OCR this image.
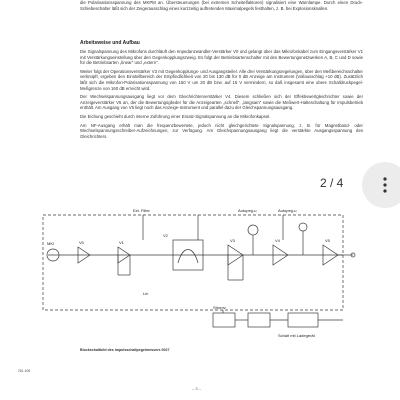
die Polarisationsspannung des MKPM an. Übersteuerungen (bei extremen Scheitelfaktoren) signalisiert eine Warnlampe. Durch einen Druck-Schiebeschalter läßt sich der Zeigerausschlag eines kurzzeitig auftretenden Maximalpegels festhalten, z. B. bei Explosionsknallen.

Arbeitsweise und Aufbau

Die Signalspannung des Mikrofons durchläuft den Impedanzwandler-Verstärker V0 und gelangt über das Mikrofonkabel zum Eingangsverstärker V1 mit Verstärkungseinstellung über den Gegenkopplungszweig. Es folgt der Betriebsartenschalter mit den Bewertungsnetzwerken A, B, C und D sowie für die Betriebsarten „linear“ und „extern“.

Weiter folgt der Operationsverstärker V3 mit Gegenkopplungs- und Ausgangsteiler. Alle drei Verstärkungsregelungen, über den Meßbereichsschalter verknüpft, ergeben den Einstellbereich der Empfindlichkeit von 20 bis 130 dB für 0 dB Anzeige am Instrument (Vollausschlag +10 dB). Zusätzlich läßt sich die Mikrofon-Polarisationsspannung von 150 V um 20 dB bzw. auf 15 V vermindern, so daß insgesamt eine obere Schalldruckpegel-Meßgrenze von 160 dB erreicht wird.

Der Wechselspannungsausgang liegt vor dem Gleichrichterverstärker V4. Diesem schließen sich der Effektivwertgleichrichter sowie der Anzeigeverstärker V5 an, der die Bewertungsglieder für die Anzeigearten „schnell“, „langsam“ sowie die Meßwert-Halteschaltung für Impulsbetrieb enthält. Am Ausgang von V5 liegt noch das Anzeige-Instrument und parallel dazu der Gleichspannungsausgang.

Die Eichung geschieht durch interne Zuführung einer Ersatz-Signalspannung an die Mikrofonkapsel.

Am NF-Ausgang erhält man die frequenzbewertete, jedoch nicht gleichgerichtete Signalspannung, z. B. für Magnetband- oder Wechselspannungsschreiber-Aufzeichnungen, zur Verfügung. Am Gleichspannungsausgang liegt die verstärkte Ausgangsspannung des Gleichrichters.

MKI	V0	V1
V2
V3	V4	V5
Ext. Filter	Autopeg-u	Autopeg-u
Lin
Schalt mit Ladegerät
Stromv.
Blockschaltbild des Impulsschallpegelmessers 0027
261 406
– 3 –
2 / 4
